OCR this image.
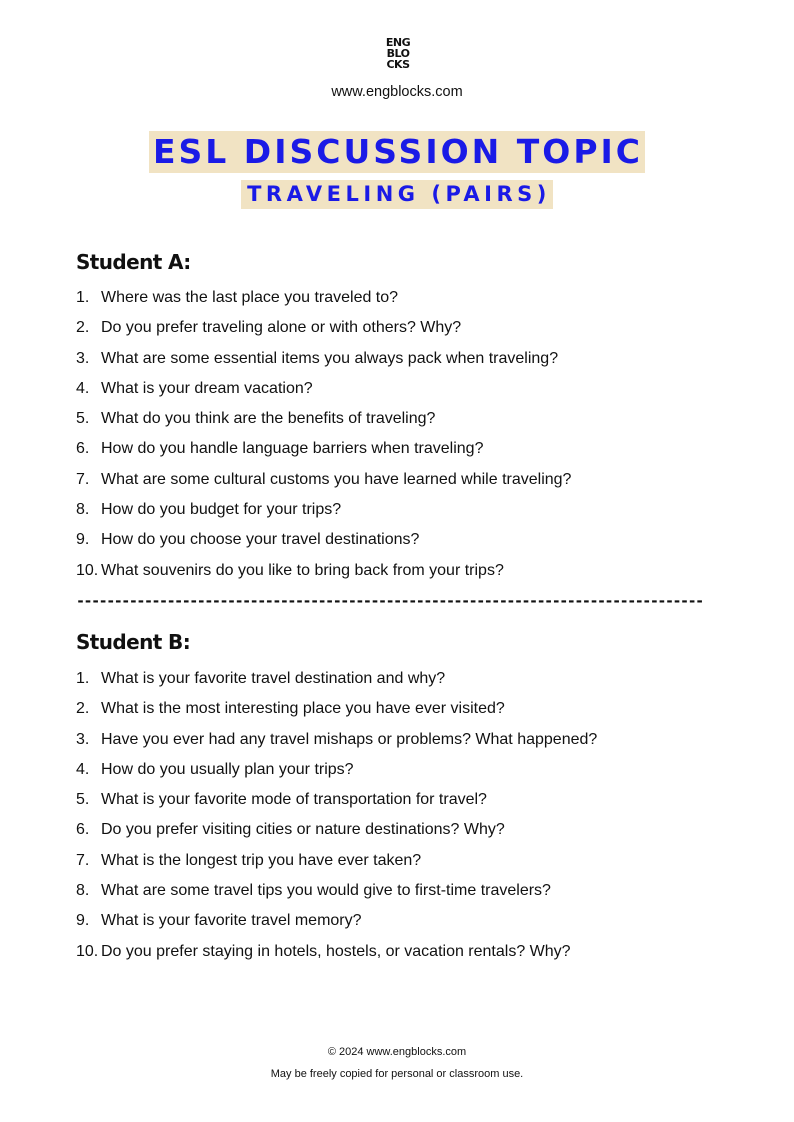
ENG
BLO
CKS
www.engblocks.com
ESL DISCUSSION TOPIC
TRAVELING (PAIRS)
Student A:
1. Where was the last place you traveled to?
2. Do you prefer traveling alone or with others? Why?
3. What are some essential items you always pack when traveling?
4. What is your dream vacation?
5. What do you think are the benefits of traveling?
6. How do you handle language barriers when traveling?
7. What are some cultural customs you have learned while traveling?
8. How do you budget for your trips?
9. How do you choose your travel destinations?
10. What souvenirs do you like to bring back from your trips?
-----------------------------------------------------------------------------------
Student B:
1. What is your favorite travel destination and why?
2. What is the most interesting place you have ever visited?
3. Have you ever had any travel mishaps or problems? What happened?
4. How do you usually plan your trips?
5. What is your favorite mode of transportation for travel?
6. Do you prefer visiting cities or nature destinations? Why?
7. What is the longest trip you have ever taken?
8. What are some travel tips you would give to first-time travelers?
9. What is your favorite travel memory?
10. Do you prefer staying in hotels, hostels, or vacation rentals? Why?
© 2024 www.engblocks.com
May be freely copied for personal or classroom use.
